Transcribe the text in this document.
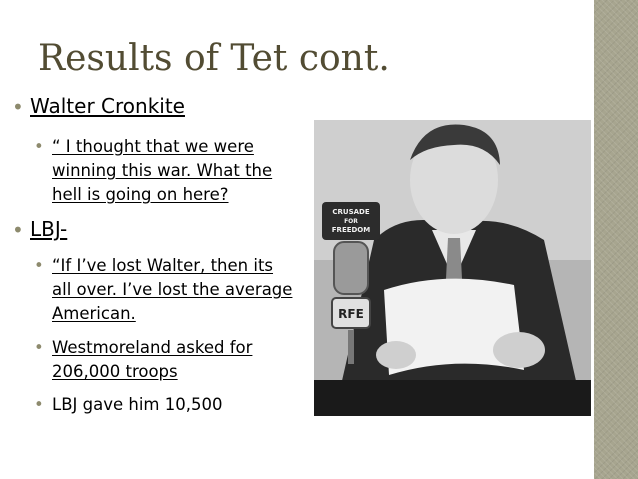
Results of Tet cont.
• Walter Cronkite
• “ I thought that we were
winning this war. What the
hell is going on here?
• LBJ-
• “If I’ve lost Walter, then its
all over. I’ve lost the average
American.
• Westmoreland asked for
206,000 troops
• LBJ gave him 10,500
CRUSADE
FOR
FREEDOM
RFE
